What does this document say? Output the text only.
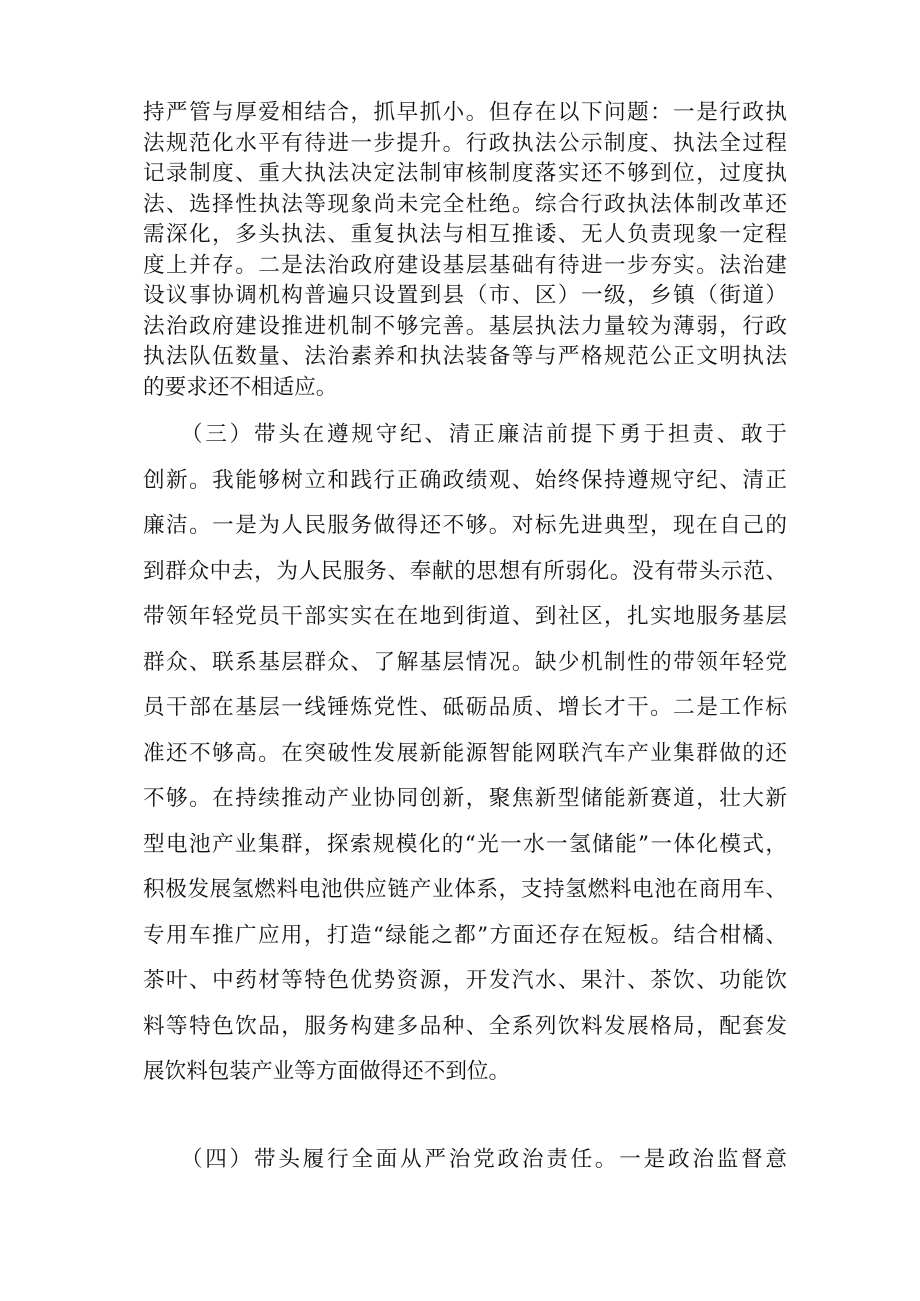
持严管与厚爱相结合，抓早抓小。但存在以下问题：一是行政执
法规范化水平有待进一步提升。行政执法公示制度、执法全过程
记录制度、重大执法决定法制审核制度落实还不够到位，过度执
法、选择性执法等现象尚未完全杜绝。综合行政执法体制改革还
需深化，多头执法、重复执法与相互推诿、无人负责现象一定程
度上并存。二是法治政府建设基层基础有待进一步夯实。法治建
设议事协调机构普遍只设置到县（市、区）一级，乡镇（街道）
法治政府建设推进机制不够完善。基层执法力量较为薄弱，行政
执法队伍数量、法治素养和执法装备等与严格规范公正文明执法
的要求还不相适应。
　　（三）带头在遵规守纪、清正廉洁前提下勇于担责、敢于
创新。我能够树立和践行正确政绩观、始终保持遵规守纪、清正
廉洁。一是为人民服务做得还不够。对标先进典型，现在自己的
到群众中去，为人民服务、奉献的思想有所弱化。没有带头示范、
带领年轻党员干部实实在在地到街道、到社区，扎实地服务基层
群众、联系基层群众、了解基层情况。缺少机制性的带领年轻党
员干部在基层一线锤炼党性、砥砺品质、增长才干。二是工作标
准还不够高。在突破性发展新能源智能网联汽车产业集群做的还
不够。在持续推动产业协同创新，聚焦新型储能新赛道，壮大新
型电池产业集群，探索规模化的“光一水一氢储能”一体化模式，
积极发展氢燃料电池供应链产业体系，支持氢燃料电池在商用车、
专用车推广应用，打造“绿能之都”方面还存在短板。结合柑橘、
茶叶、中药材等特色优势资源，开发汽水、果汁、茶饮、功能饮
料等特色饮品，服务构建多品种、全系列饮料发展格局，配套发
展饮料包装产业等方面做得还不到位。
　　（四）带头履行全面从严治党政治责任。一是政治监督意
